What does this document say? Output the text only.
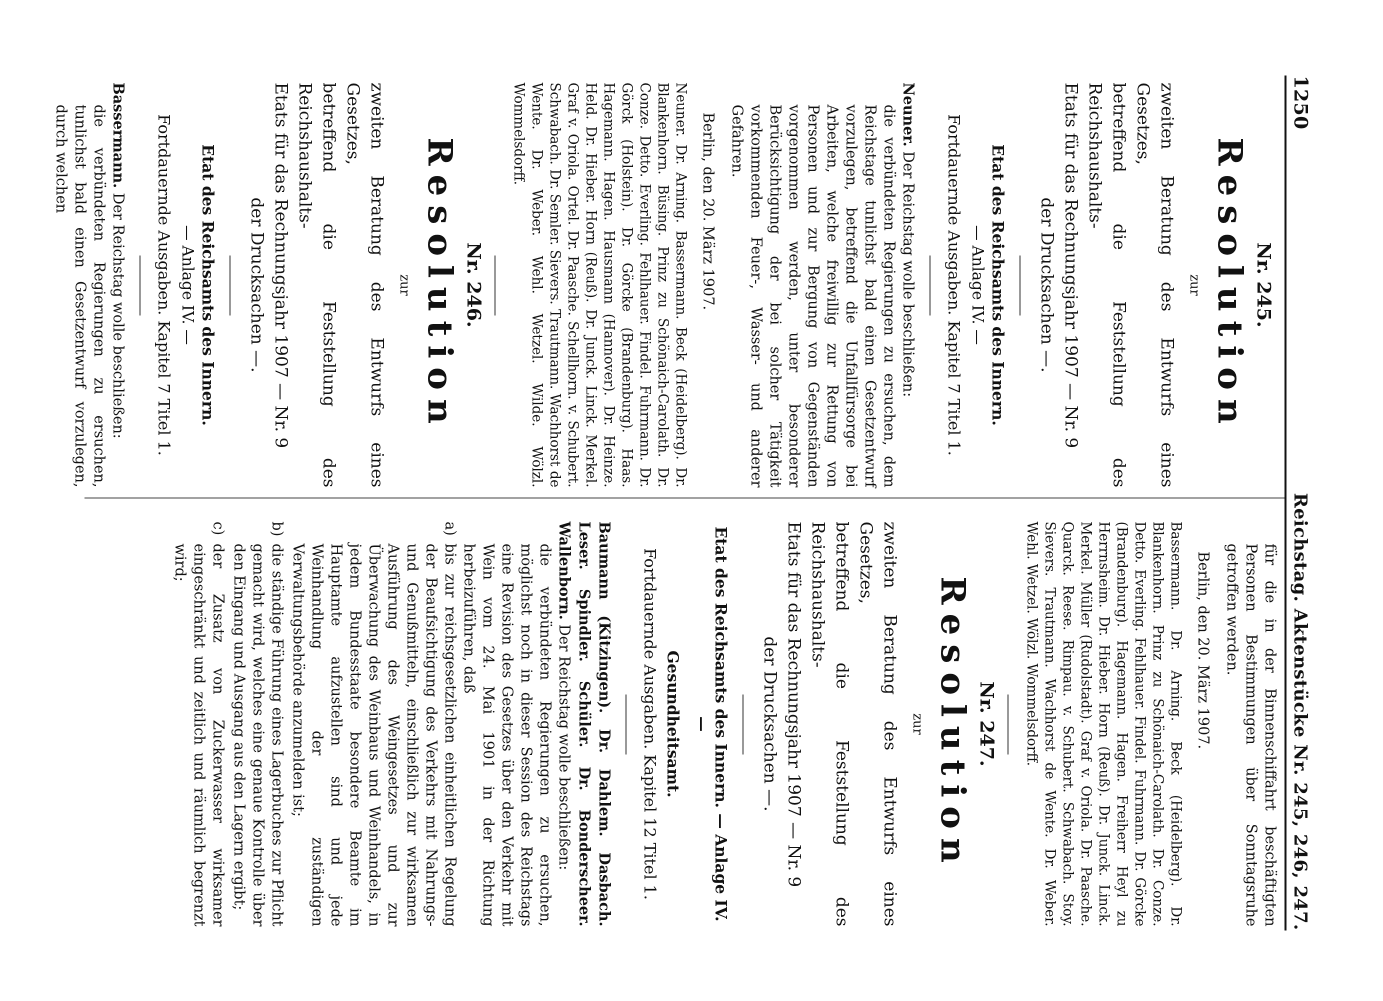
1250
Reichstag. Aktenstücke Nr. 245, 246, 247.
Nr. 245.
Resolution
zur

zweiten Beratung des Entwurfs eines Gesetzes,

betreffend die Feststellung des Reichshaushalts-

Etats für das Rechnungsjahr 1907 — Nr. 9

der Drucksachen —.

Etat des Reichsamts des Innern.
— Anlage IV. —
Fortdauernde Ausgaben. Kapitel 7 Titel 1.

Neuner. Der Reichstag wolle beschließen:

die verbündeten Regierungen zu ersuchen, dem Reichstage tunlichst bald einen Gesetzentwurf vorzulegen, betreffend die Unfallfürsorge bei Arbeiten, welche freiwillig zur Rettung von Personen und zur Bergung von Gegenständen vorgenommen werden, unter besonderer Berücksichtigung der bei solcher Tätigkeit vorkommenden Feuer-, Wasser- und anderer Gefahren.

Berlin, den 20. März 1907.

Neuner. Dr. Arning. Bassermann. Beck (Heidelberg). Dr. Blankenhorn. Büsing. Prinz zu Schönaich-Carolath. Dr. Conze. Detto. Everling. Fehlhauer. Findel. Fuhrmann. Dr. Görck (Holstein). Dr. Görcke (Brandenburg). Haas. Hagemann. Hagen. Hausmann (Hannover). Dr. Heinze. Held. Dr. Hieber. Horn (Reuß). Dr. Junck. Linck. Merkel. Graf v. Oriola. Ortel. Dr. Paasche. Schellhorn. v. Schubert. Schwabach. Dr. Semler. Sievers. Trautmann. Wachhorst de Wente. Dr. Weber. Wehl. Wetzel. Wilde. Wölzl. Wommelsdorff.

Nr. 246.
Resolution
zur

zweiten Beratung des Entwurfs eines Gesetzes,

betreffend die Feststellung des Reichshaushalts-

Etats für das Rechnungsjahr 1907 — Nr. 9

der Drucksachen —.

Etat des Reichsamts des Innern.
— Anlage IV. —
Fortdauernde Ausgaben. Kapitel 7 Titel 1.

Bassermann. Der Reichstag wolle beschließen:

die verbündeten Regierungen zu ersuchen, tunlichst bald einen Gesetzentwurf vorzulegen, durch welchen

für die in der Binnenschiffahrt beschäftigten Personen Bestimmungen über Sonntagsruhe getroffen werden.

Berlin, den 20. März 1907.

Bassermann. Dr. Arning. Beck (Heidelberg). Dr. Blankenhorn. Prinz zu Schönaich-Carolath. Dr. Conze. Detto. Everling. Fehlhauer. Findel. Fuhrmann. Dr. Görcke (Brandenburg). Hagemann. Hagen. Freiherr Heyl zu Herrnsheim. Dr. Hieber. Horn (Reuß). Dr. Junck. Linck. Merkel. Müller (Rudolstadt). Graf v. Oriola. Dr. Paasche. Quarck. Reese. Rimpau. v. Schubert. Schwabach. Stoy. Sievers. Trautmann. Wachhorst de Wente. Dr. Weber. Wehl. Wetzel. Wölzl. Wommelsdorff.

Nr. 247.
Resolution
zur

zweiten Beratung des Entwurfs eines Gesetzes,

betreffend die Feststellung des Reichshaushalts-

Etats für das Rechnungsjahr 1907 — Nr. 9

der Drucksachen —.

Etat des Reichsamts des Innern. — Anlage IV. —
Gesundheitsamt.
Fortdauernde Ausgaben. Kapitel 12 Titel 1.

Baumann (Kitzingen). Dr. Dahlem. Dasbach. Leser. Spindler. Schüler. Dr. Bonderscheer. Wallenborn. Der Reichstag wolle beschließen:

die verbündeten Regierungen zu ersuchen, möglichst noch in dieser Session des Reichstags eine Revision des Gesetzes über den Verkehr mit Wein vom 24. Mai 1901 in der Richtung herbeizuführen, daß

a)
bis zur reichsgesetzlichen einheitlichen Regelung der Beaufsichtigung des Verkehrs mit Nahrungs- und Genußmitteln, einschließlich zur wirksamen Ausführung des Weingesetzes und zur Überwachung des Weinbaus und Weinhandels, in jedem Bundesstaate besondere Beamte im Hauptamte aufzustellen sind und jede Weinhandlung der zuständigen Verwaltungsbehörde anzumelden ist;
b)
die ständige Führung eines Lagerbuches zur Pflicht gemacht wird, welches eine genaue Kontrolle über den Eingang und Ausgang aus den Lagern ergibt;
c)
der Zusatz von Zuckerwasser wirksamer eingeschränkt und zeitlich und räumlich begrenzt wird;
